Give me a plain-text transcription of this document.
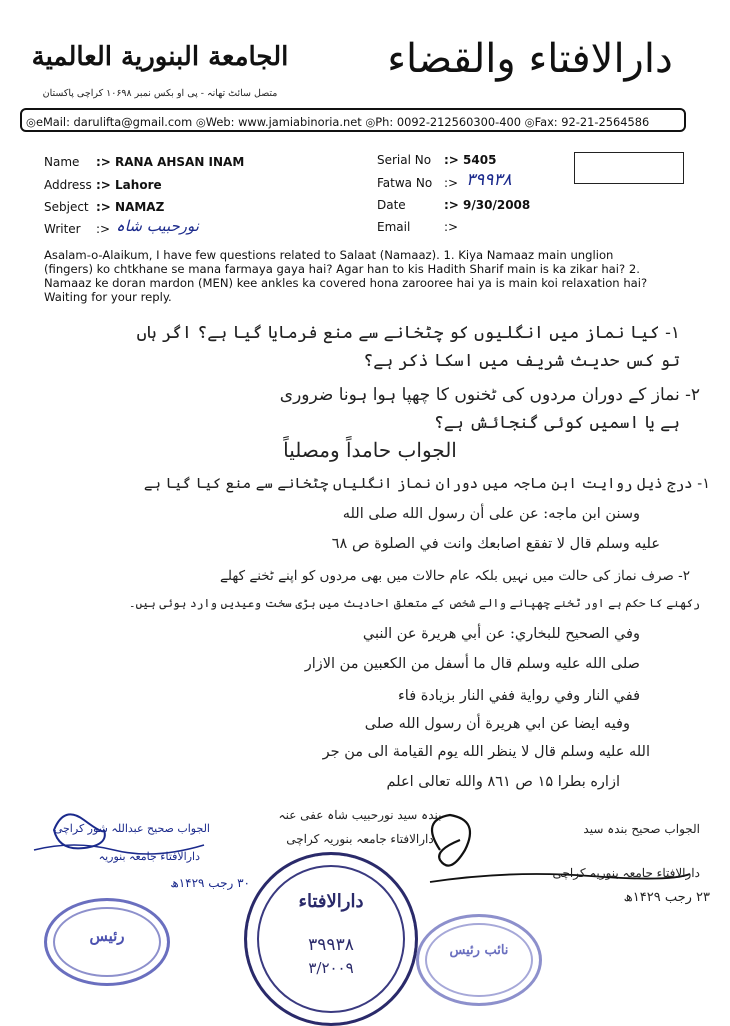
الجامعة البنورية العالمية
متصل سائٹ تھانہ - پی او بکس نمبر ۱۰۶۹۸ کراچی پاکستان
دارالافتاء والقضاء
◎eMail: darulifta@gmail.com ◎Web: www.jamiabinoria.net ◎Ph: 0092-212560300-400 ◎Fax: 92-21-2564586
Name :> RANA AHSAN INAM
Address :> Lahore
Sebject :> NAMAZ
Writer :> نورحبیب شاہ
Serial No :> 5405
Fatwa No :> ۳۹۹۳۸
Date	:> 9/30/2008
Email	:>
Asalam-o-Alaikum, I have few questions related to Salaat (Namaaz). 1. Kiya Namaaz main unglion (fingers) ko chtkhane se mana farmaya gaya hai? Agar han to kis Hadith Sharif main is ka zikar hai? 2. Namaaz ke doran mardon (MEN) kee ankles ka covered hona zarooree hai ya is main koi relaxation hai? Waiting for your reply.
۱- کیا نماز میں انگلیوں کو چٹخانے سے منع فرمایا گیا ہے؟ اگر ہاں
تو کس حدیث شریف میں اسکا ذکر ہے؟
۲- نماز کے دوران مردوں کی ٹخنوں کا چھپا ہوا ہونا ضروری
ہے یا اسمیں کوئی گنجائش ہے؟
الجواب حامداً ومصلیاً
۱- درج ذیل روایت ابن ماجہ میں دوران نماز انگلیاں چٹخانے سے منع کیا گیا ہے
وسنن ابن ماجه: عن علی أن رسول الله صلى الله
عليه وسلم قال لا تفقع اصابعك وانت في الصلوة ص ٦٨
۲- صرف نماز کی حالت میں نہیں بلکہ عام حالات میں بھی مردوں کو اپنے ٹخنے کھلے
رکھنے کا حکم ہے اور ٹخنے چھپانے والے شخص کے متعلق احادیث میں بڑی سخت وعیدیں وارد ہوئی ہیں۔
وفي الصحيح للبخاري: عن أبي هريرة عن النبي
صلى الله عليه وسلم قال ما أسفل من الكعبين من الازار
ففي النار وفي رواية ففي النار بزيادة فاء
وفيه ايضا عن ابي هريرة أن رسول الله صلى
الله عليه وسلم قال لا ينظر الله يوم القيامة الى من جر
ازاره بطرا ۱۵ ص ۸٦۱ والله تعالى اعلم
بندہ سید نورحبیب شاہ عفی عنہ
دارالافتاء جامعہ بنوریہ کراچی
الجواب صحیح عبداللہ شور کراچی
دارالافتاء جامعہ بنوریہ
۳۰ رجب ۱۴۲۹ھ
الجواب صحیح بندہ سید
دارالافتاء جامعہ بنوریہ کراچی
۲۳ رجب ۱۴۲۹ھ
رئیس
دارالافتاء
۳۹۹۳۸
۳/۲۰۰۹
نائب رئیس
